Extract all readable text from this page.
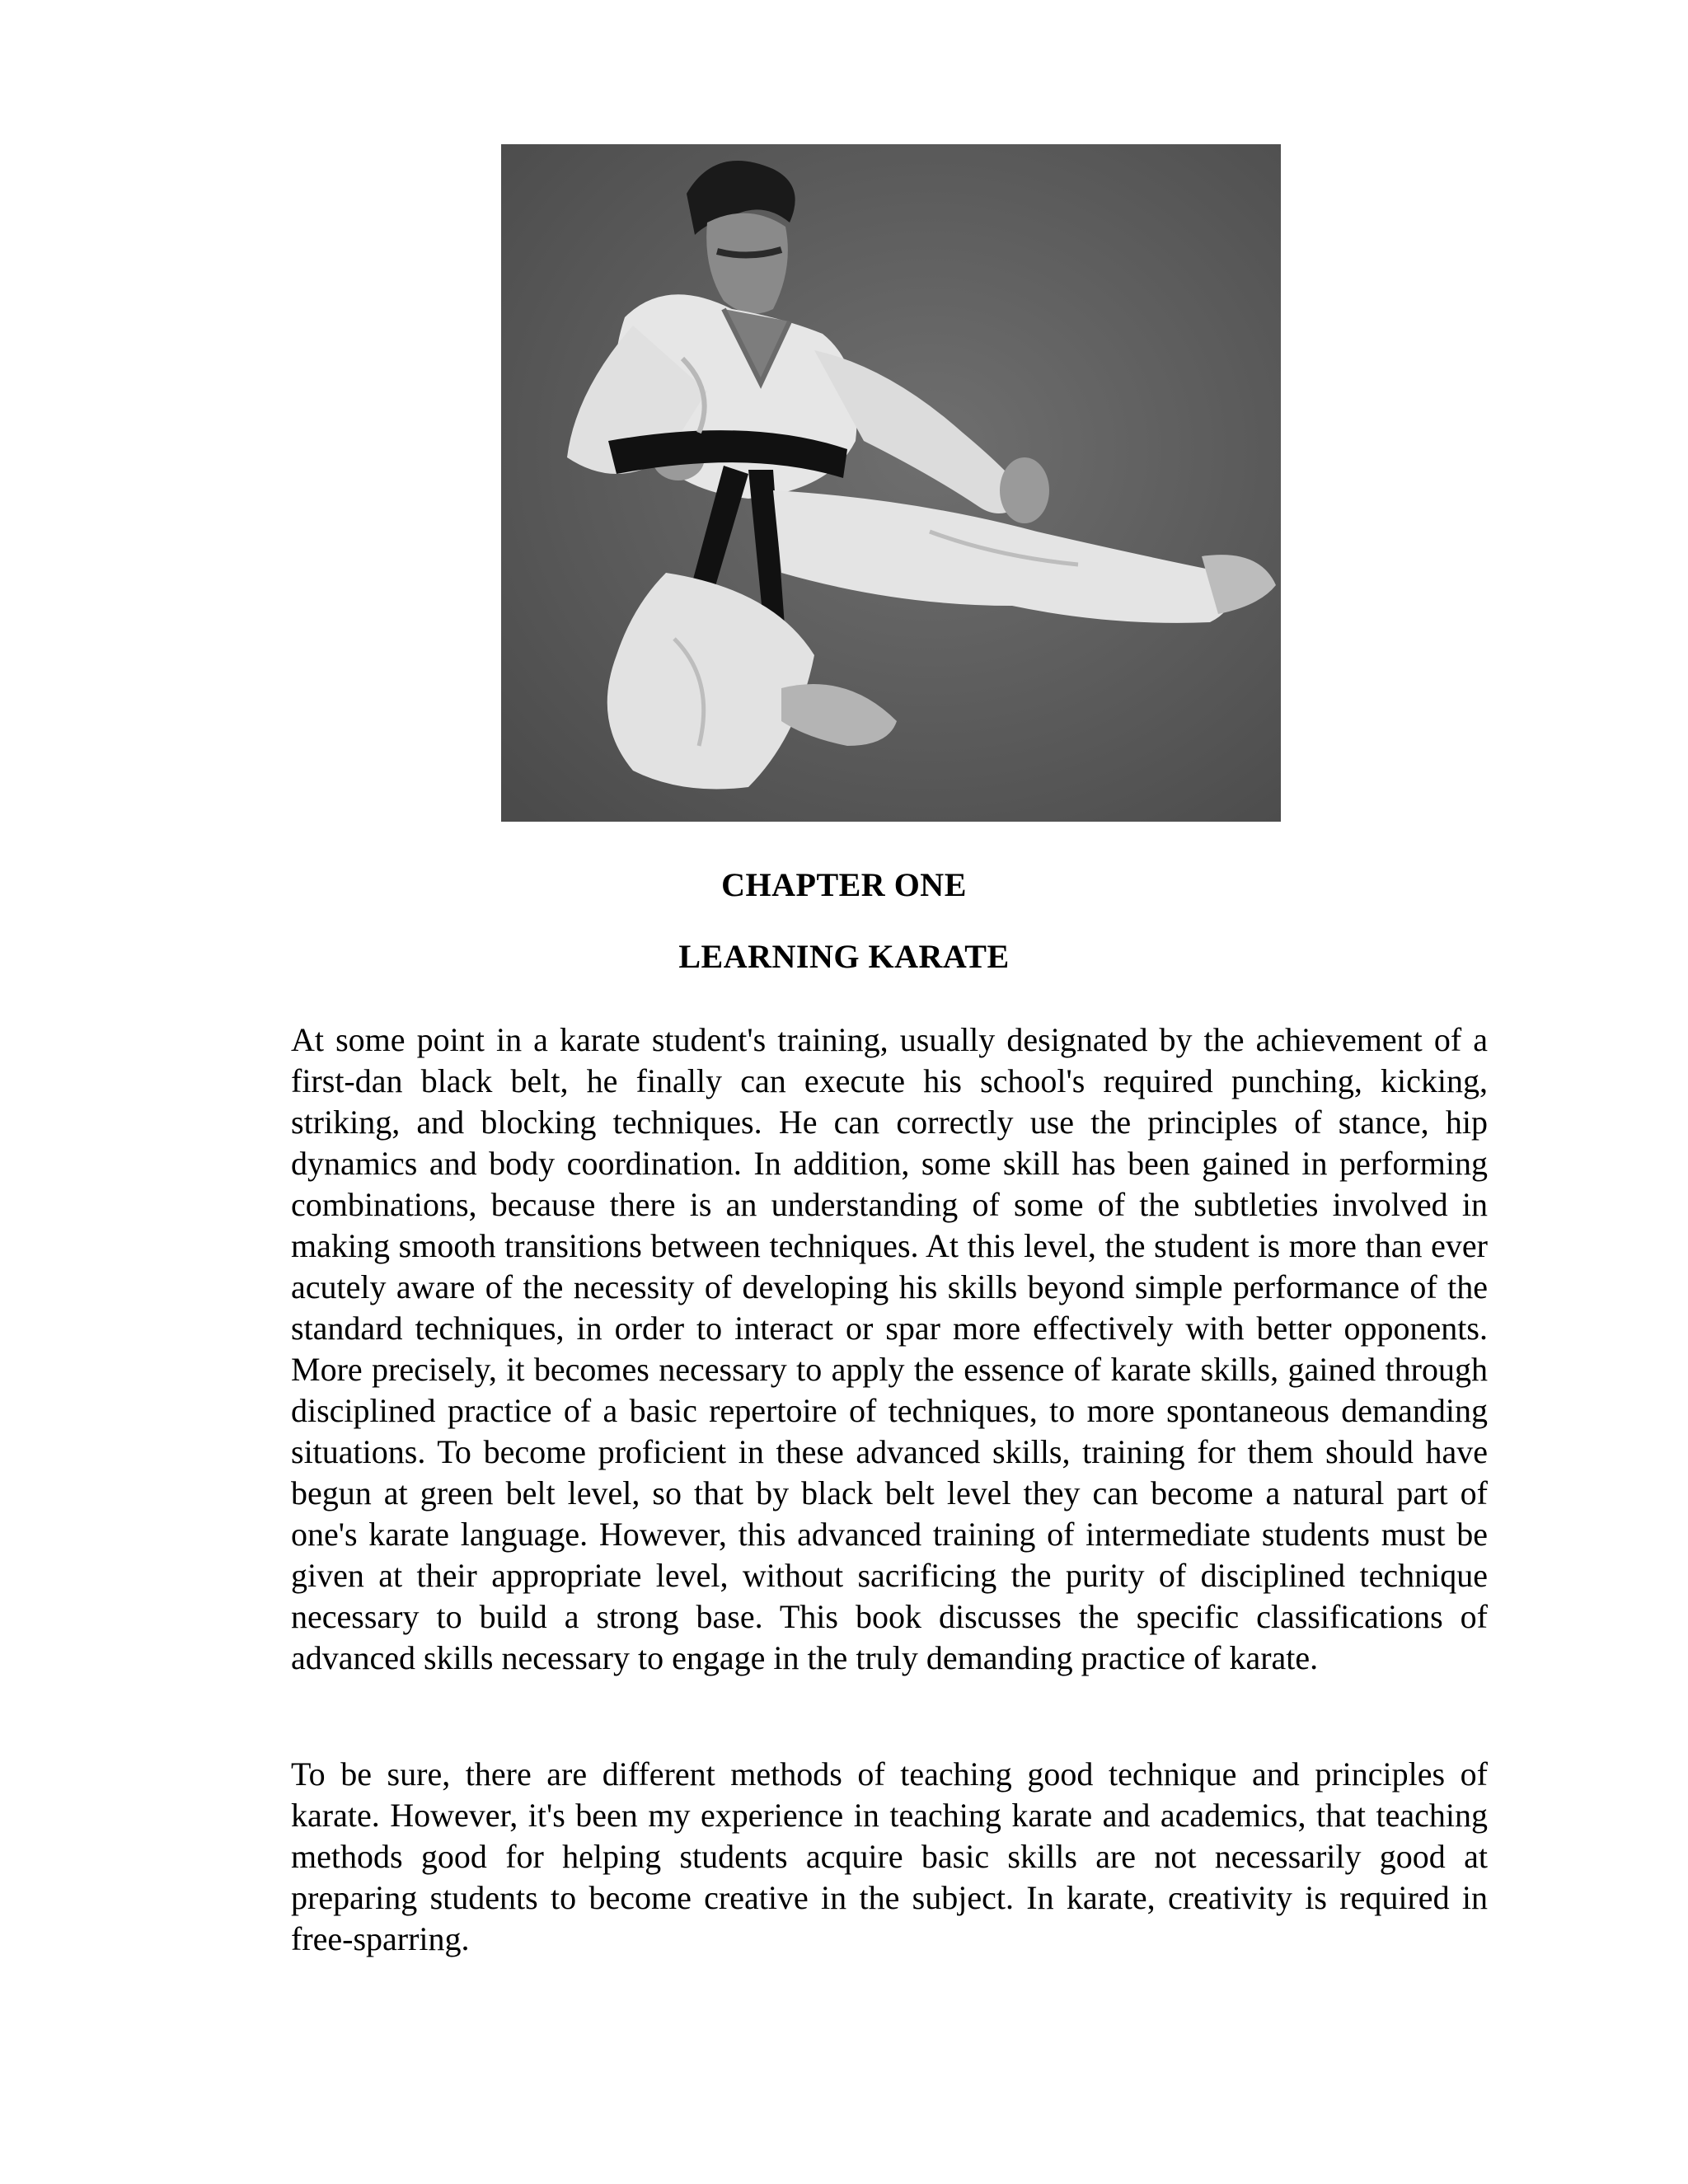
CHAPTER ONE
LEARNING KARATE

At some point in a karate student's training, usually designated by the achievement of a first-dan black belt, he finally can execute his school's required punching, kicking, striking, and blocking techniques. He can correctly use the principles of stance, hip dynamics and body coordination. In addition, some skill has been gained in performing combinations, because there is an understanding of some of the subtleties involved in making smooth transitions between techniques. At this level, the student is more than ever acutely aware of the necessity of developing his skills beyond simple performance of the standard techniques, in order to interact or spar more effectively with better opponents. More precisely, it becomes necessary to apply the essence of karate skills, gained through disciplined practice of a basic repertoire of techniques, to more spontaneous demanding situations. To become proficient in these advanced skills, training for them should have begun at green belt level, so that by black belt level they can become a natural part of one's karate language. However, this advanced training of intermediate students must be given at their appropriate level, without sacrificing the purity of disciplined technique necessary to build a strong base. This book discusses the specific classifications of advanced skills necessary to engage in the truly demanding practice of karate.

To be sure, there are different methods of teaching good technique and principles of karate. However, it's been my experience in teaching karate and academics, that teaching methods good for helping students acquire basic skills are not necessarily good at preparing students to become creative in the subject. In karate, creativity is required in free-sparring.
